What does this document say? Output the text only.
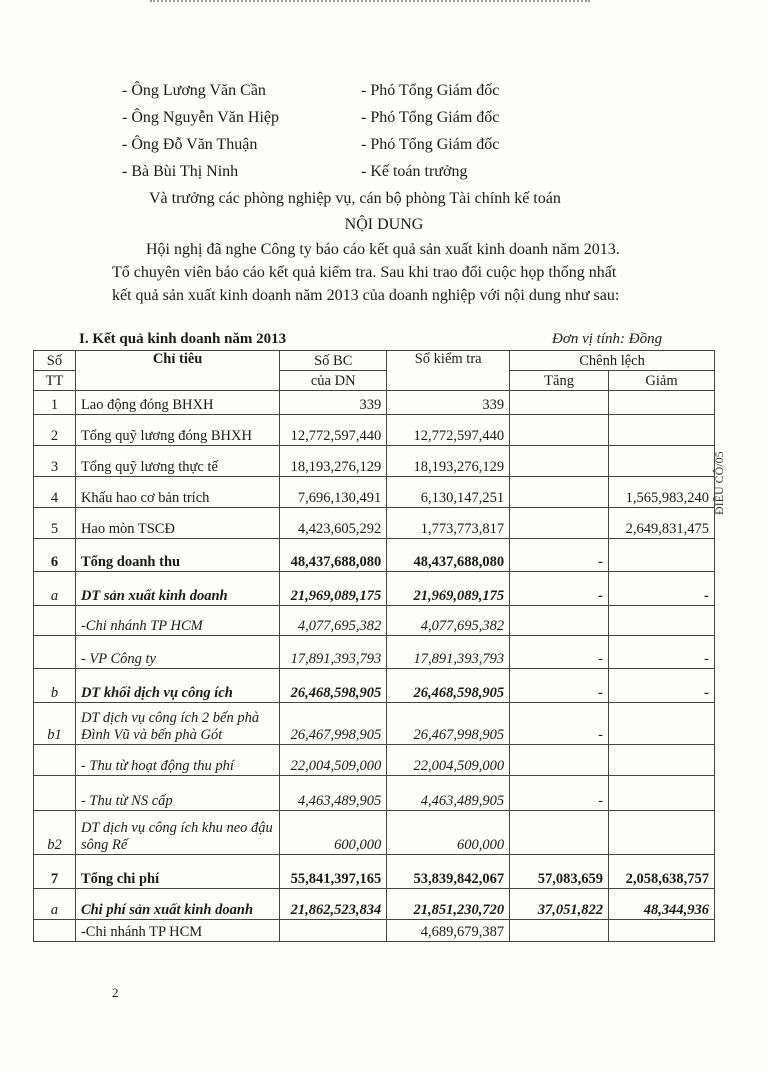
- Ông Lương Văn Cần	- Phó Tổng Giám đốc
- Ông Nguyễn Văn Hiệp	- Phó Tổng Giám đốc
- Ông Đỗ Văn Thuận	- Phó Tổng Giám đốc
- Bà Bùi Thị Ninh	- Kế toán trưởng
Và trưởng các phòng nghiệp vụ, cán bộ phòng Tài chính kế toán
NỘI DUNG
Hội nghị đã nghe Công ty báo cáo kết quả sản xuất kinh doanh năm 2013.
Tổ chuyên viên báo cáo kết quả kiểm tra. Sau khi trao đổi cuộc họp thống nhất
kết quả sản xuất kinh doanh năm 2013 của doanh nghiệp với nội dung như sau:
I. Kết quả kinh doanh năm 2013	Đơn vị tính: Đồng
Số	Chỉ tiêu	Số BC	Số kiểm tra	Chênh lệch	
TT		của DN		Tăng	Giảm
1	Lao động đóng BHXH	339	339		
2	Tổng quỹ lương đóng BHXH	12,772,597,440	12,772,597,440		
3	Tổng quỹ lương thực tế	18,193,276,129	18,193,276,129		
4	Khấu hao cơ bản trích	7,696,130,491	6,130,147,251		1,565,983,240
5	Hao mòn TSCĐ	4,423,605,292	1,773,773,817		2,649,831,475
6	Tổng doanh thu	48,437,688,080	48,437,688,080	-	
a	DT sản xuất kinh doanh	21,969,089,175	21,969,089,175	-	-
	-Chi nhánh TP HCM	4,077,695,382	4,077,695,382		
	- VP Công ty	17,891,393,793	17,891,393,793	-	-
b	DT khối dịch vụ công ích	26,468,598,905	26,468,598,905	-	-
b1	DT dịch vụ công ích 2 bến phà Đình Vũ và bến phà Gót	26,467,998,905	26,467,998,905	-	
	- Thu từ hoạt động thu phí	22,004,509,000	22,004,509,000		
	- Thu từ NS cấp	4,463,489,905	4,463,489,905	-	
b2	DT dịch vụ công ích khu neo đậu sông Rế	600,000	600,000		
7	Tổng chi phí	55,841,397,165	53,839,842,067	57,083,659	2,058,638,757
a	Chi phí sản xuất kinh doanh	21,862,523,834	21,851,230,720	37,051,822	48,344,936
	-Chi nhánh TP HCM		4,689,679,387		
ĐIỀU CÔ/05
2
